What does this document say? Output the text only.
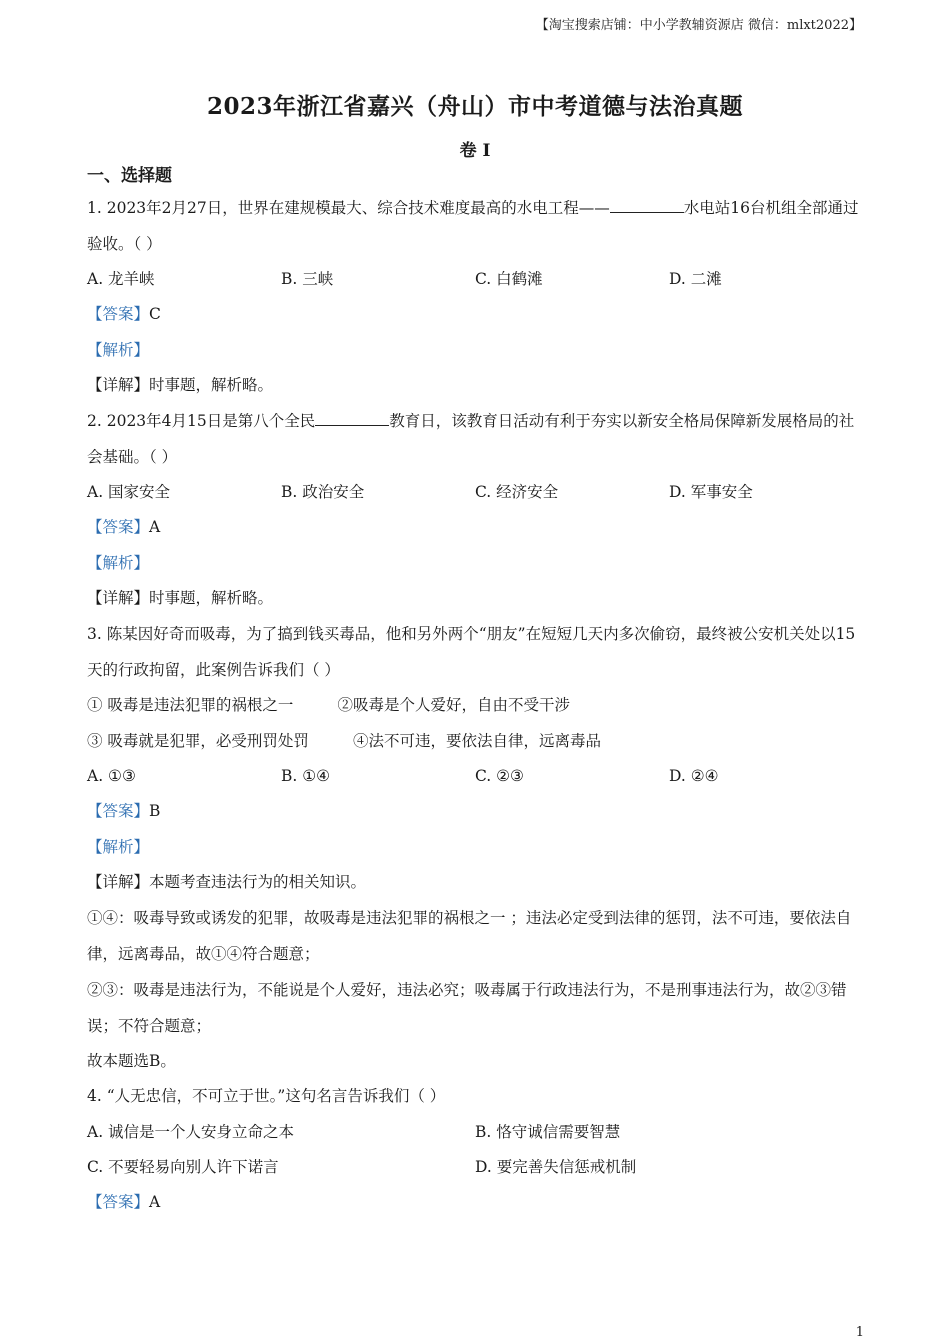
【淘宝搜索店铺：中小学教辅资源店 微信：mlxt2022】
2023年浙江省嘉兴（舟山）市中考道德与法治真题
卷 I
一、选择题
1. 2023年2月27日，世界在建规模最大、综合技术难度最高的水电工程——	水电站16台机组全部通过验收。（ ）
A. 龙羊峡	B. 三峡	C. 白鹤滩	D. 二滩
【答案】C
【解析】
【详解】时事题，解析略。
2. 2023年4月15日是第八个全民	教育日，该教育日活动有利于夯实以新安全格局保障新发展格局的社会基础。（ ）
A. 国家安全	B. 政治安全	C. 经济安全	D. 军事安全
【答案】A
【解析】
【详解】时事题，解析略。
3. 陈某因好奇而吸毒，为了搞到钱买毒品，他和另外两个“朋友”在短短几天内多次偷窃，最终被公安机关处以15天的行政拘留，此案例告诉我们（ ）
① 吸毒是违法犯罪的祸根之一	②吸毒是个人爱好，自由不受干涉
③ 吸毒就是犯罪，必受刑罚处罚	④法不可违，要依法自律，远离毒品
A. ①③	B. ①④	C. ②③	D. ②④
【答案】B
【解析】
【详解】本题考查违法行为的相关知识。
①④：吸毒导致或诱发的犯罪，故吸毒是违法犯罪的祸根之一 ；违法必定受到法律的惩罚，法不可违，要依法自律，远离毒品，故①④符合题意；
②③：吸毒是违法行为，不能说是个人爱好，违法必究；吸毒属于行政违法行为，不是刑事违法行为，故②③错误；不符合题意；
故本题选B。
4. “人无忠信，不可立于世。”这句名言告诉我们（ ）
A. 诚信是一个人安身立命之本	B. 恪守诚信需要智慧
C. 不要轻易向别人许下诺言	D. 要完善失信惩戒机制
【答案】A
1
